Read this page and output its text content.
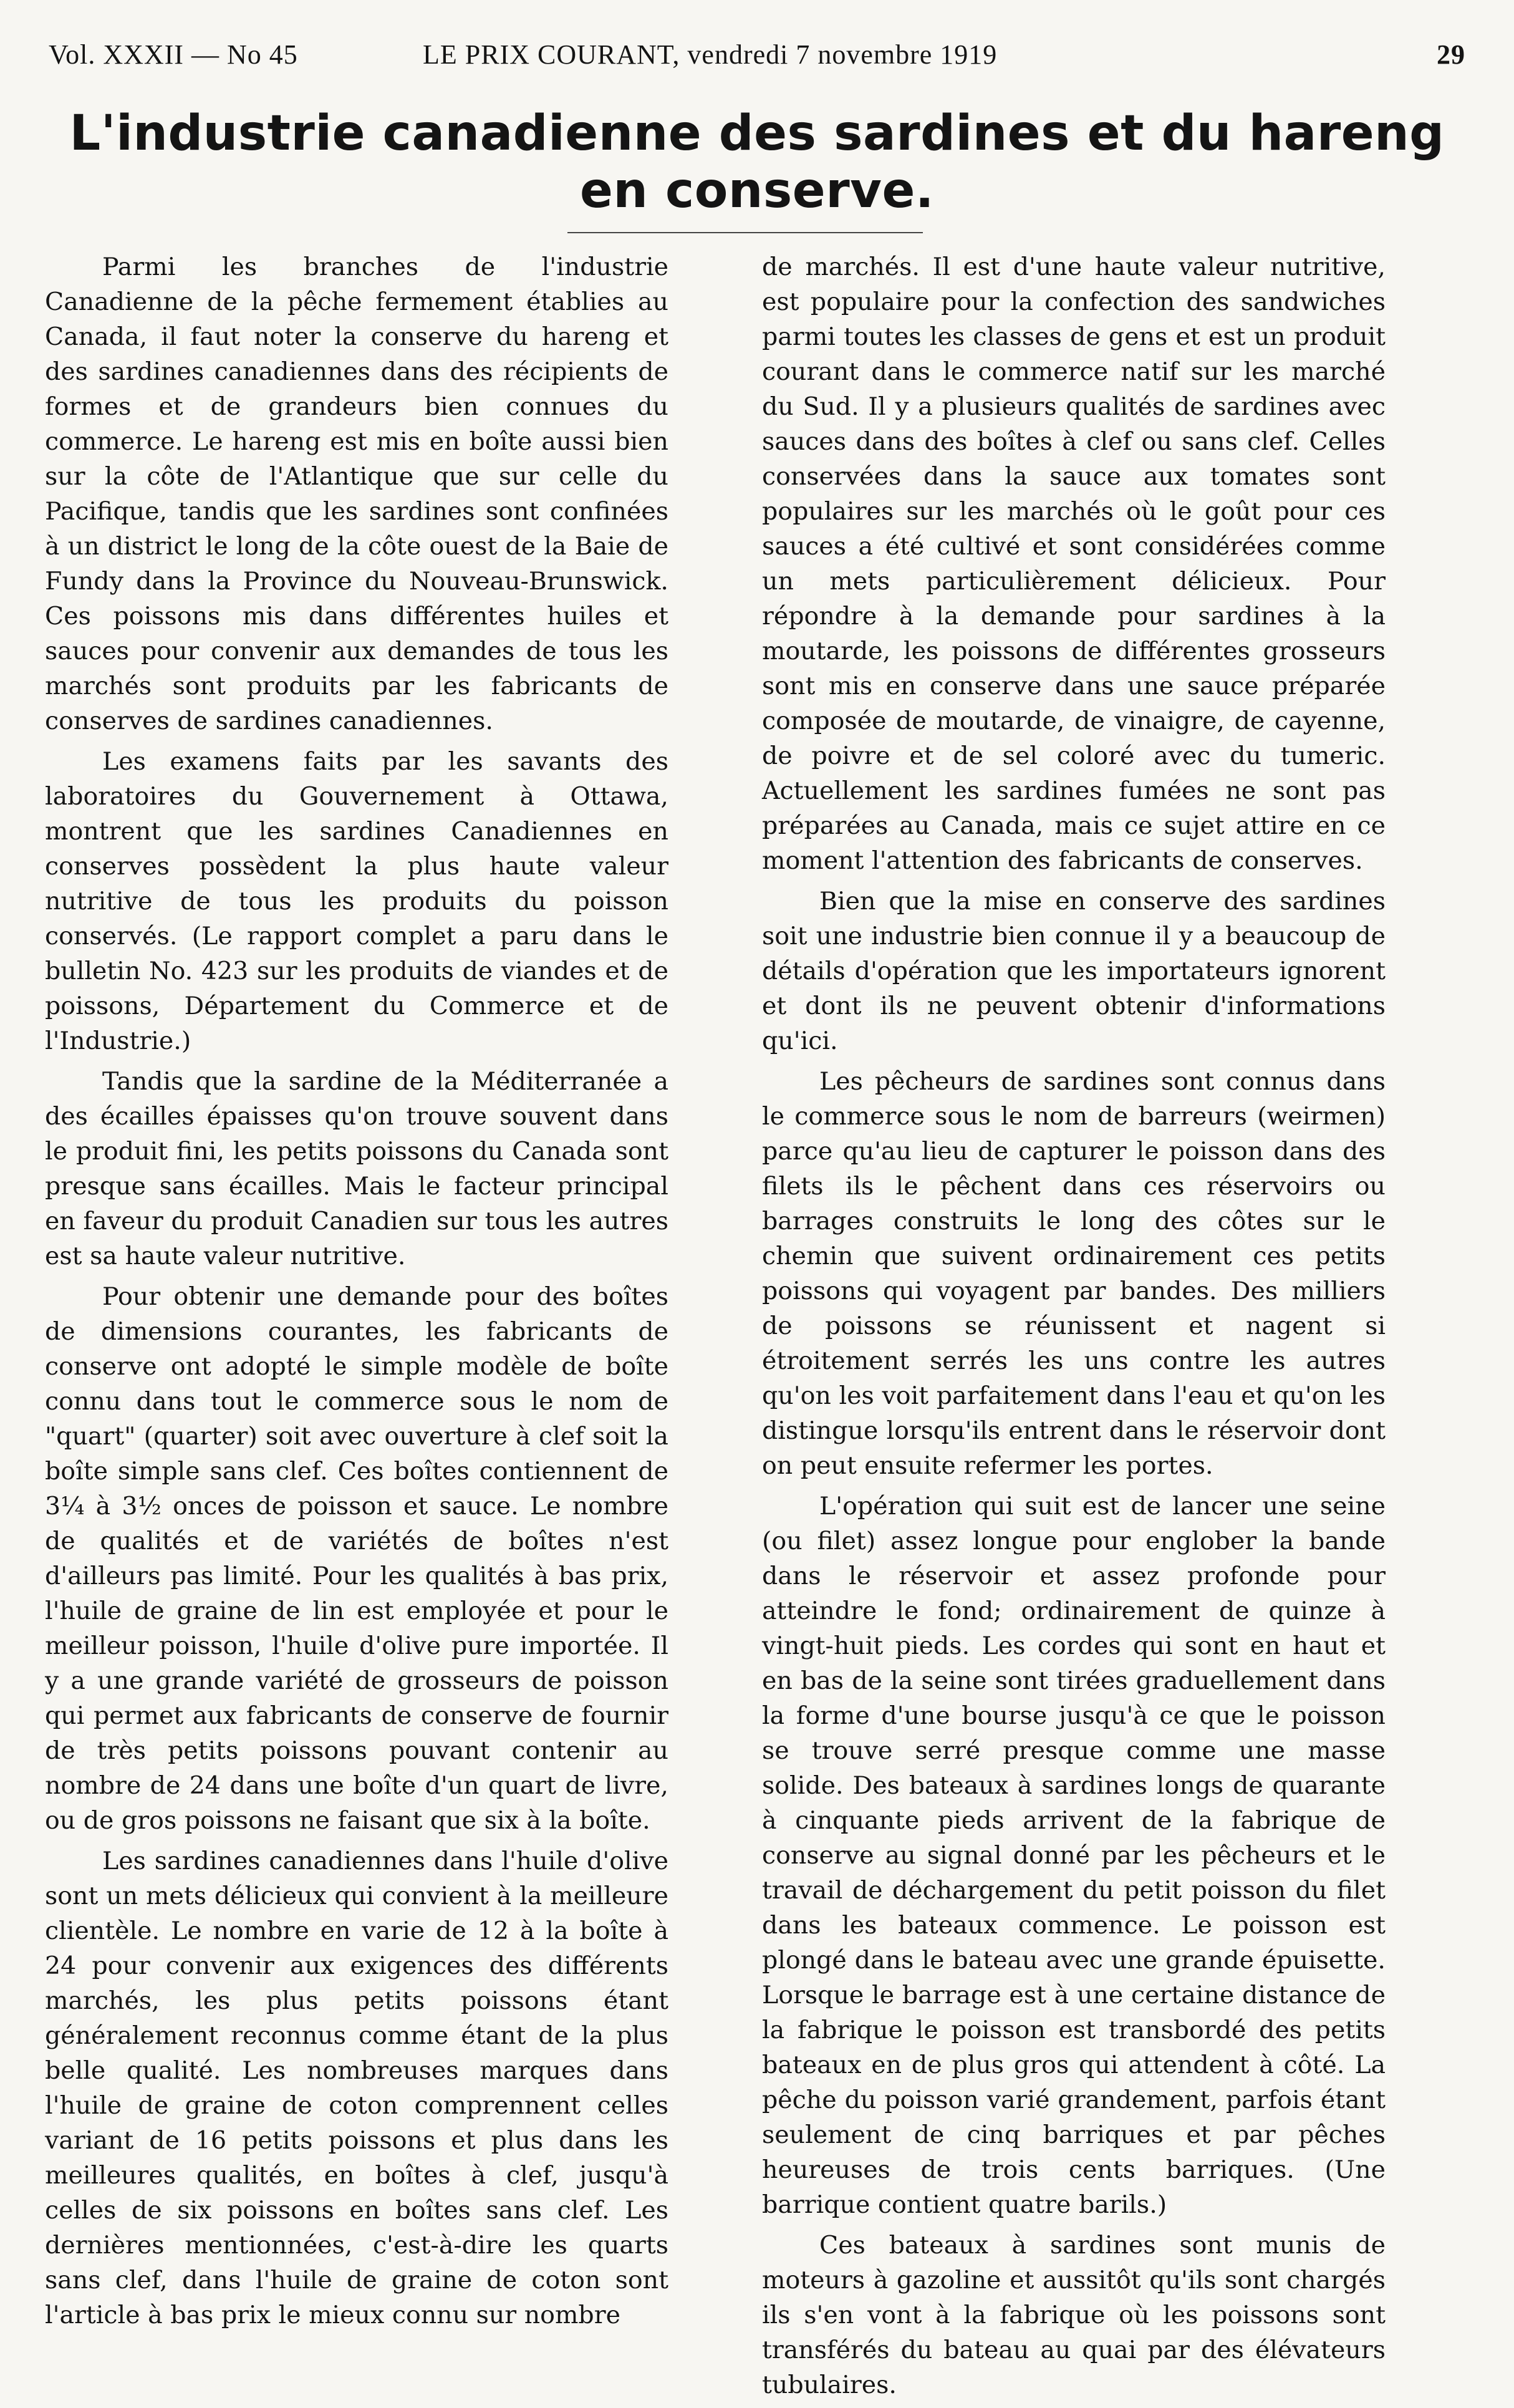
Vol. XXXII — No 45	LE PRIX COURANT, vendredi 7 novembre 1919	29
L'industrie canadienne des sardines et du hareng
en conserve.

Parmi les branches de l'industrie Canadienne de la pêche fermement établies au Canada, il faut noter la conserve du hareng et des sardines canadiennes dans des récipients de formes et de grandeurs bien connues du commerce. Le hareng est mis en boîte aussi bien sur la côte de l'Atlantique que sur celle du Pacifique, tandis que les sardines sont confinées à un district le long de la côte ouest de la Baie de Fundy dans la Province du Nouveau-Brunswick. Ces poissons mis dans différentes huiles et sauces pour convenir aux demandes de tous les marchés sont produits par les fabricants de conserves de sardines canadiennes.

Les examens faits par les savants des laboratoires du Gouvernement à Ottawa, montrent que les sardines Canadiennes en conserves possèdent la plus haute valeur nutritive de tous les produits du poisson conservés. (Le rapport complet a paru dans le bulletin No. 423 sur les produits de viandes et de poissons, Département du Commerce et de l'Industrie.)

Tandis que la sardine de la Méditerranée a des écailles épaisses qu'on trouve souvent dans le produit fini, les petits poissons du Canada sont presque sans écailles. Mais le facteur principal en faveur du produit Canadien sur tous les autres est sa haute valeur nutritive.

Pour obtenir une demande pour des boîtes de dimensions courantes, les fabricants de conserve ont adopté le simple modèle de boîte connu dans tout le commerce sous le nom de "quart" (quarter) soit avec ouverture à clef soit la boîte simple sans clef. Ces boîtes contiennent de 3¼ à 3½ onces de poisson et sauce. Le nombre de qualités et de variétés de boîtes n'est d'ailleurs pas limité. Pour les qualités à bas prix, l'huile de graine de lin est employée et pour le meilleur poisson, l'huile d'olive pure importée. Il y a une grande variété de grosseurs de poisson qui permet aux fabricants de conserve de fournir de très petits poissons pouvant contenir au nombre de 24 dans une boîte d'un quart de livre, ou de gros poissons ne faisant que six à la boîte.

Les sardines canadiennes dans l'huile d'olive sont un mets délicieux qui convient à la meilleure clientèle. Le nombre en varie de 12 à la boîte à 24 pour convenir aux exigences des différents marchés, les plus petits poissons étant généralement reconnus comme étant de la plus belle qualité. Les nombreuses marques dans l'huile de graine de coton comprennent celles variant de 16 petits poissons et plus dans les meilleures qualités, en boîtes à clef, jusqu'à celles de six poissons en boîtes sans clef. Les dernières mentionnées, c'est-à-dire les quarts sans clef, dans l'huile de graine de coton sont l'article à bas prix le mieux connu sur nombre

de marchés. Il est d'une haute valeur nutritive, est populaire pour la confection des sandwiches parmi toutes les classes de gens et est un produit courant dans le commerce natif sur les marché du Sud. Il y a plusieurs qualités de sardines avec sauces dans des boîtes à clef ou sans clef. Celles conservées dans la sauce aux tomates sont populaires sur les marchés où le goût pour ces sauces a été cultivé et sont considérées comme un mets particulièrement délicieux. Pour répondre à la demande pour sardines à la moutarde, les poissons de différentes grosseurs sont mis en conserve dans une sauce préparée composée de moutarde, de vinaigre, de cayenne, de poivre et de sel coloré avec du tumeric. Actuellement les sardines fumées ne sont pas préparées au Canada, mais ce sujet attire en ce moment l'attention des fabricants de conserves.

Bien que la mise en conserve des sardines soit une industrie bien connue il y a beaucoup de détails d'opération que les importateurs ignorent et dont ils ne peuvent obtenir d'informations qu'ici.

Les pêcheurs de sardines sont connus dans le commerce sous le nom de barreurs (weirmen) parce qu'au lieu de capturer le poisson dans des filets ils le pêchent dans ces réservoirs ou barrages construits le long des côtes sur le chemin que suivent ordinairement ces petits poissons qui voyagent par bandes. Des milliers de poissons se réunissent et nagent si étroitement serrés les uns contre les autres qu'on les voit parfaitement dans l'eau et qu'on les distingue lorsqu'ils entrent dans le réservoir dont on peut ensuite refermer les portes.

L'opération qui suit est de lancer une seine (ou filet) assez longue pour englober la bande dans le réservoir et assez profonde pour atteindre le fond; ordinairement de quinze à vingt-huit pieds. Les cordes qui sont en haut et en bas de la seine sont tirées graduellement dans la forme d'une bourse jusqu'à ce que le poisson se trouve serré presque comme une masse solide. Des bateaux à sardines longs de quarante à cinquante pieds arrivent de la fabrique de conserve au signal donné par les pêcheurs et le travail de déchargement du petit poisson du filet dans les bateaux commence. Le poisson est plongé dans le bateau avec une grande épuisette. Lorsque le barrage est à une certaine distance de la fabrique le poisson est transbordé des petits bateaux en de plus gros qui attendent à côté. La pêche du poisson varié grandement, parfois étant seulement de cinq barriques et par pêches heureuses de trois cents barriques. (Une barrique contient quatre barils.)

Ces bateaux à sardines sont munis de moteurs à gazoline et aussitôt qu'ils sont chargés ils s'en vont à la fabrique où les poissons sont transférés du bateau au quai par des élévateurs tubulaires.
